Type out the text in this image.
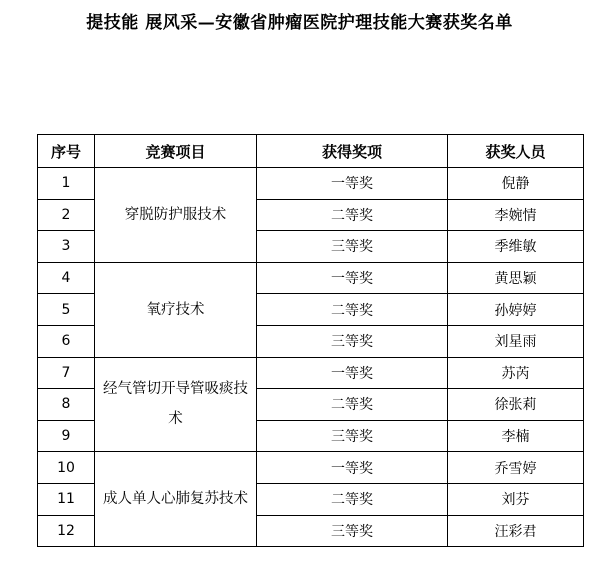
提技能 展风采—安徽省肿瘤医院护理技能大赛获奖名单
序号	竞赛项目	获得奖项	获奖人员
1	穿脱防护服技术	一等奖	倪静
2		二等奖	李婉情
3		三等奖	季维敏
4	氧疗技术	一等奖	黄思颖
5		二等奖	孙婷婷
6		三等奖	刘星雨
7	经气管切开导管吸痰技术	一等奖	苏芮
8		二等奖	徐张莉
9		三等奖	李楠
10	成人单人心肺复苏技术	一等奖	乔雪婷
11		二等奖	刘芬
12		三等奖	汪彩君
